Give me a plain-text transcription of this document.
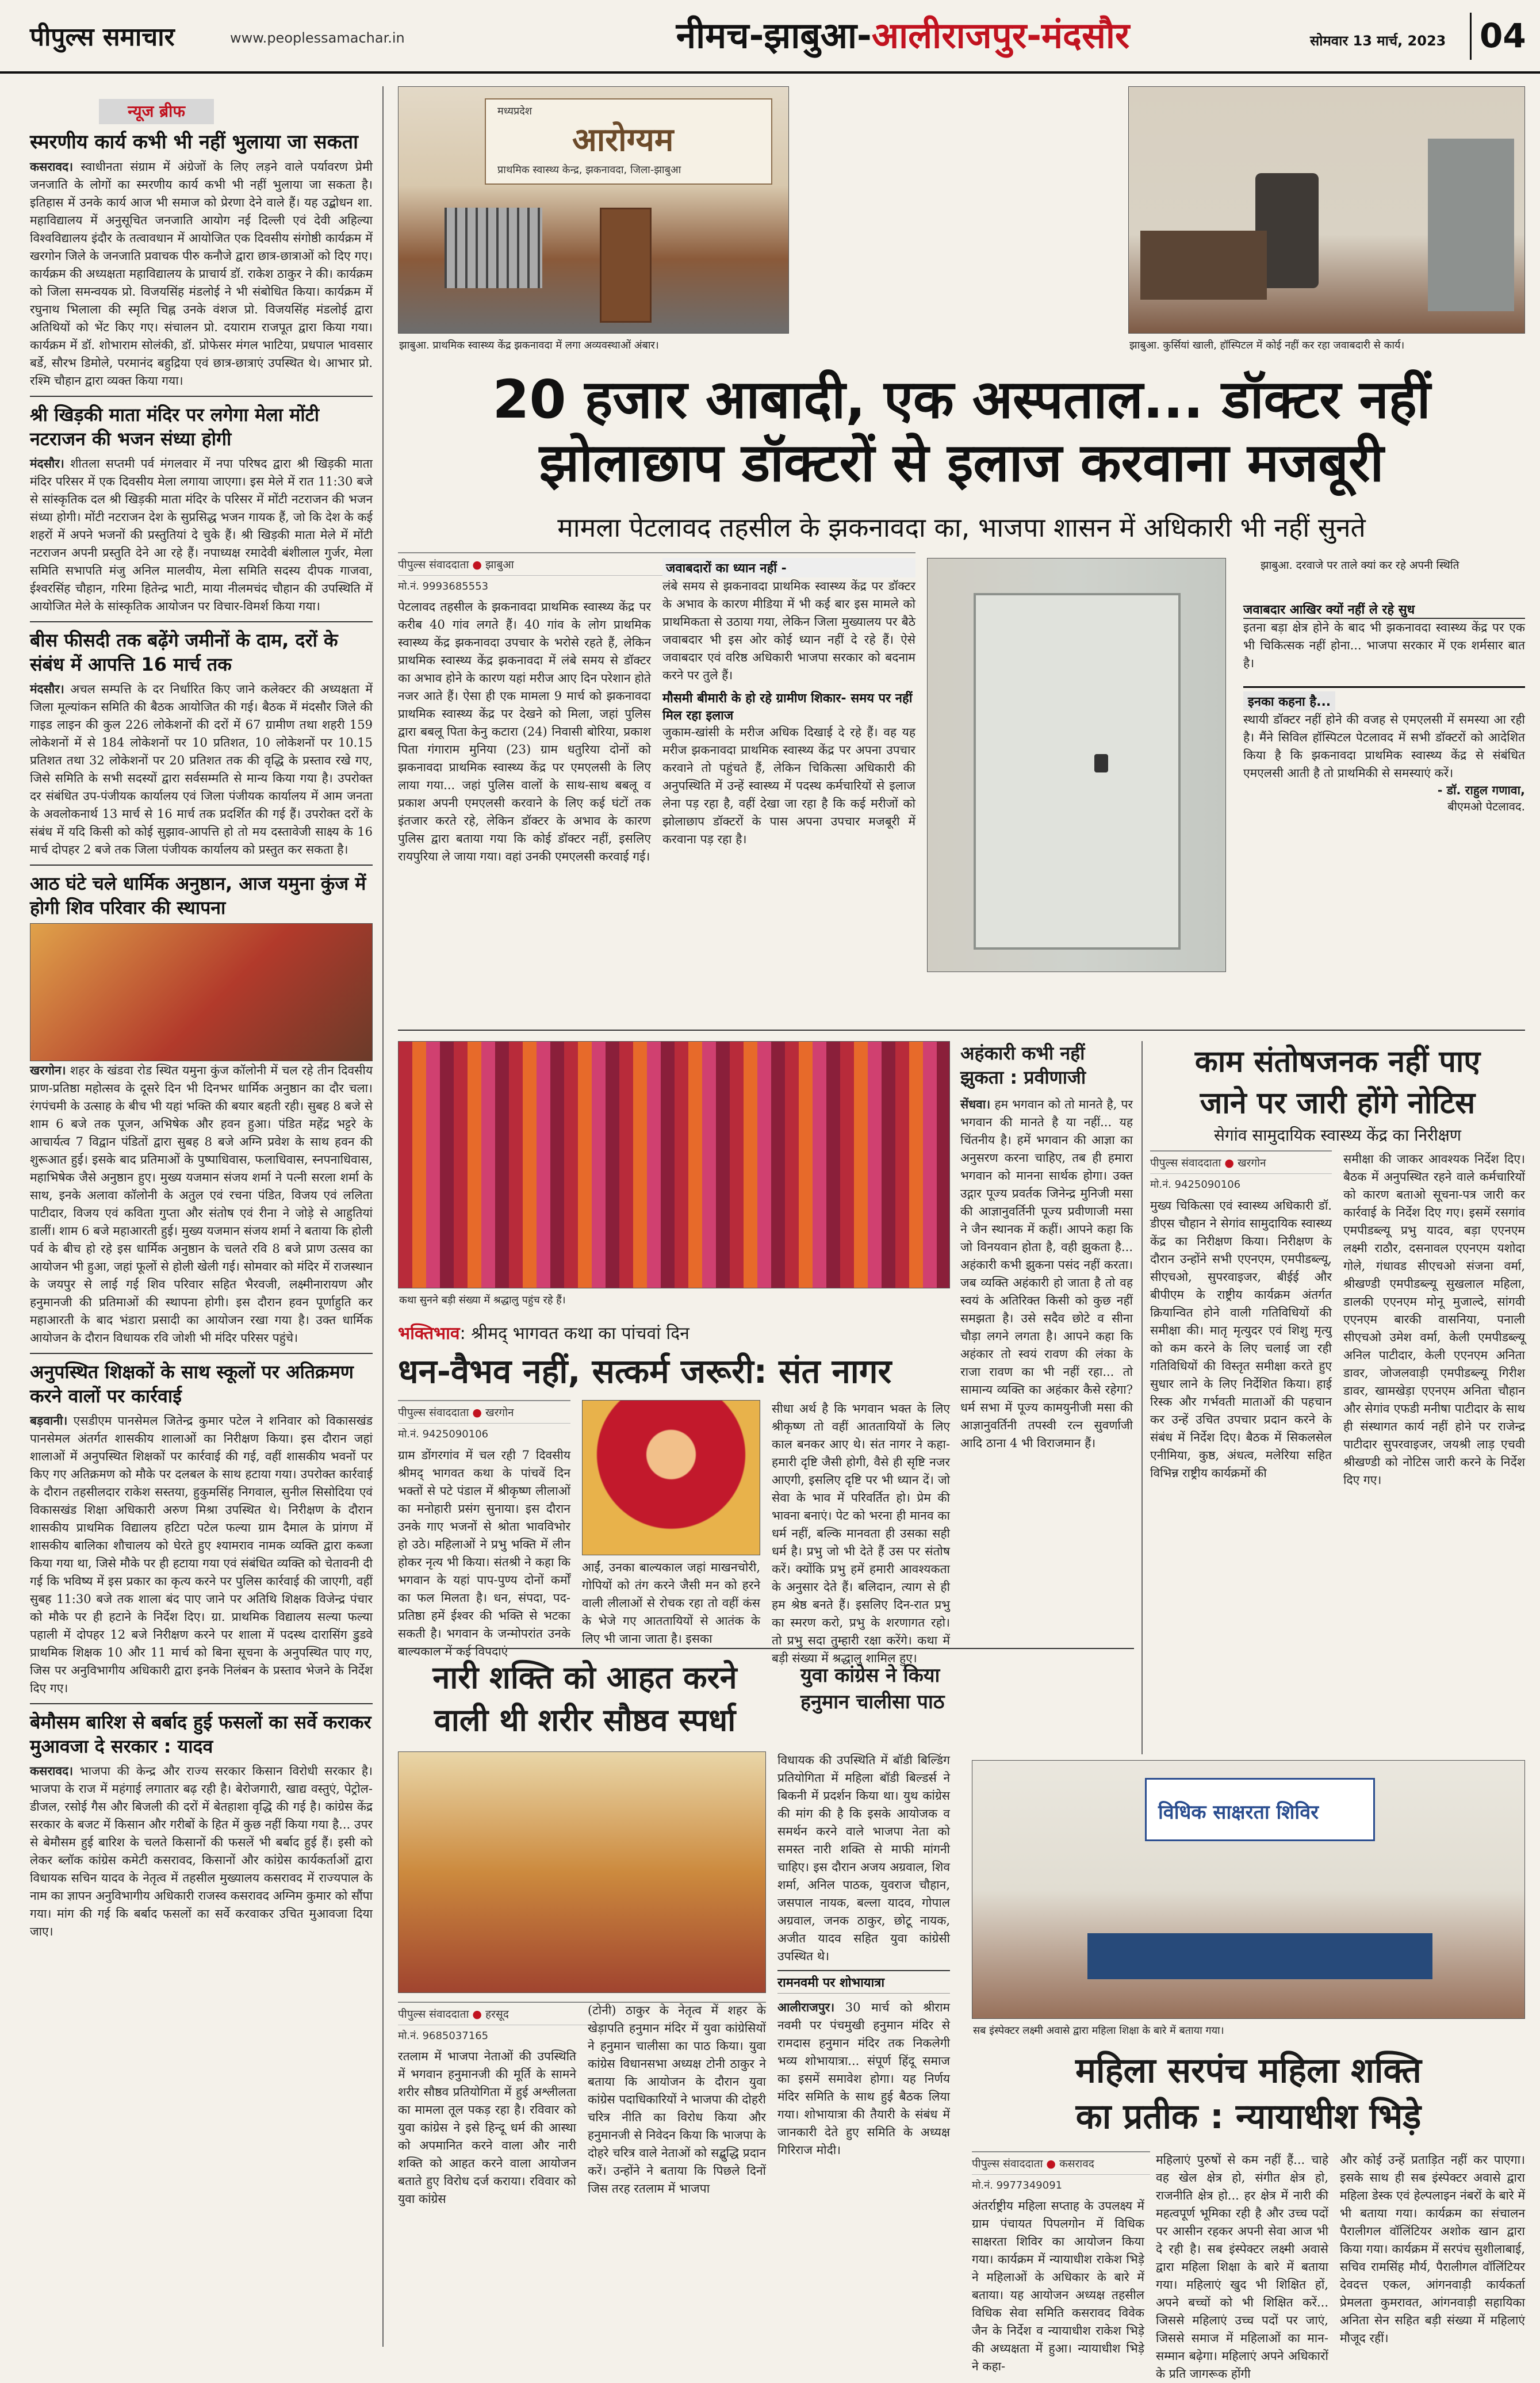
पीपुल्स समाचार	www.peoplessamachar.in	नीमच-झाबुआ-आलीराजपुर-मंदसौर	सोमवार 13 मार्च, 2023 04
न्यूज ब्रीफ
स्मरणीय कार्य कभी भी नहीं भुलाया जा सकता

कसरावद। स्वाधीनता संग्राम में अंग्रेजों के लिए लड़ने वाले पर्यावरण प्रेमी जनजाति के लोगों का स्मरणीय कार्य कभी भी नहीं भुलाया जा सकता है। इतिहास में उनके कार्य आज भी समाज को प्रेरणा देने वाले हैं। यह उद्बोधन शा. महाविद्यालय में अनुसूचित जनजाति आयोग नई दिल्ली एवं देवी अहिल्या विश्वविद्यालय इंदौर के तत्वावधान में आयोजित एक दिवसीय संगोष्ठी कार्यक्रम में खरगोन जिले के जनजाति प्रवाचक पीरु कनौजे द्वारा छात्र-छात्राओं को दिए गए। कार्यक्रम की अध्यक्षता महाविद्यालय के प्राचार्य डॉ. राकेश ठाकुर ने की। कार्यक्रम को जिला समन्वयक प्रो. विजयसिंह मंडलोई ने भी संबोधित किया। कार्यक्रम में रघुनाथ भिलाला की स्मृति चिह्न उनके वंशज प्रो. विजयसिंह मंडलोई द्वारा अतिथियों को भेंट किए गए। संचालन प्रो. दयाराम राजपूत द्वारा किया गया। कार्यक्रम में डॉ. शोभाराम सोलंकी, डॉ. प्रोफेसर मंगल भाटिया, प्रधपाल भावसार बर्डे, सौरभ डिमोले, परमानंद बहुद्रिया एवं छात्र-छात्राएं उपस्थित थे। आभार प्रो. रश्मि चौहान द्वारा व्यक्त किया गया।

श्री खिड़की माता मंदिर पर लगेगा मेला मोंटी नटराजन की भजन संध्या होगी

मंदसौर। शीतला सप्तमी पर्व मंगलवार में नपा परिषद द्वारा श्री खिड़की माता मंदिर परिसर में एक दिवसीय मेला लगाया जाएगा। इस मेले में रात 11:30 बजे से सांस्कृतिक दल श्री खिड़की माता मंदिर के परिसर में मोंटी नटराजन की भजन संध्या होगी। मोंटी नटराजन देश के सुप्रसिद्ध भजन गायक हैं, जो कि देश के कई शहरों में अपने भजनों की प्रस्तुतियां दे चुके हैं। श्री खिड़की माता मेले में मोंटी नटराजन अपनी प्रस्तुति देने आ रहे हैं। नपाध्यक्ष रमादेवी बंशीलाल गुर्जर, मेला समिति सभापति मंजु अनिल मालवीय, मेला समिति सदस्य दीपक गाजवा, ईश्वरसिंह चौहान, गरिमा हितेन्द्र भाटी, माया नीलमचंद चौहान की उपस्थिति में आयोजित मेले के सांस्कृतिक आयोजन पर विचार-विमर्श किया गया।

बीस फीसदी तक बढ़ेंगे जमीनों के दाम, दरों के संबंध में आपत्ति 16 मार्च तक

मंदसौर। अचल सम्पत्ति के दर निर्धारित किए जाने कलेक्टर की अध्यक्षता में जिला मूल्यांकन समिति की बैठक आयोजित की गई। बैठक में मंदसौर जिले की गाइड लाइन की कुल 226 लोकेशनों की दरों में 67 ग्रामीण तथा शहरी 159 लोकेशनों में से 184 लोकेशनों पर 10 प्रतिशत, 10 लोकेशनों पर 10.15 प्रतिशत तथा 32 लोकेशनों पर 20 प्रतिशत तक की वृद्धि के प्रस्ताव रखे गए, जिसे समिति के सभी सदस्यों द्वारा सर्वसम्मति से मान्य किया गया है। उपरोक्त दर संबंधित उप-पंजीयक कार्यालय एवं जिला पंजीयक कार्यालय में आम जनता के अवलोकनार्थ 13 मार्च से 16 मार्च तक प्रदर्शित की गई हैं। उपरोक्त दरों के संबंध में यदि किसी को कोई सुझाव-आपत्ति हो तो मय दस्तावेजी साक्ष्य के 16 मार्च दोपहर 2 बजे तक जिला पंजीयक कार्यालय को प्रस्तुत कर सकता है।

आठ घंटे चले धार्मिक अनुष्ठान, आज यमुना कुंज में होगी शिव परिवार की स्थापना

खरगोन। शहर के खंडवा रोड स्थित यमुना कुंज कॉलोनी में चल रहे तीन दिवसीय प्राण-प्रतिष्ठा महोत्सव के दूसरे दिन भी दिनभर धार्मिक अनुष्ठान का दौर चला। रंगपंचमी के उत्साह के बीच भी यहां भक्ति की बयार बहती रही। सुबह 8 बजे से शाम 6 बजे तक पूजन, अभिषेक और हवन हुआ। पंडित महेंद्र भट्टरे के आचार्यत्व 7 विद्वान पंडितों द्वारा सुबह 8 बजे अग्नि प्रवेश के साथ हवन की शुरूआत हुई। इसके बाद प्रतिमाओं के पुष्पाधिवास, फलाधिवास, स्नपनाधिवास, महाभिषेक जैसे अनुष्ठान हुए। मुख्य यजमान संजय शर्मा ने पत्नी सरला शर्मा के साथ, इनके अलावा कॉलोनी के अतुल एवं रचना पंडित, विजय एवं ललिता पाटीदार, विजय एवं कविता गुप्ता और संतोष एवं रीना ने जोड़े से आहुतियां डालीं। शाम 6 बजे महाआरती हुई। मुख्य यजमान संजय शर्मा ने बताया कि होली पर्व के बीच हो रहे इस धार्मिक अनुष्ठान के चलते रवि 8 बजे प्राण उत्सव का आयोजन भी हुआ, जहां फूलों से होली खेली गई। सोमवार को मंदिर में राजस्थान के जयपुर से लाई गई शिव परिवार सहित भैरवजी, लक्ष्मीनारायण और हनुमानजी की प्रतिमाओं की स्थापना होगी। इस दौरान हवन पूर्णाहुति कर महाआरती के बाद भंडारा प्रसादी का आयोजन रखा गया है। उक्त धार्मिक आयोजन के दौरान विधायक रवि जोशी भी मंदिर परिसर पहुंचे।

अनुपस्थित शिक्षकों के साथ स्कूलों पर अतिक्रमण करने वालों पर कार्रवाई

बड़वानी। एसडीएम पानसेमल जितेन्द्र कुमार पटेल ने शनिवार को विकासखंड पानसेमल अंतर्गत शासकीय शालाओं का निरीक्षण किया। इस दौरान जहां शालाओं में अनुपस्थित शिक्षकों पर कार्रवाई की गई, वहीं शासकीय भवनों पर किए गए अतिक्रमण को मौके पर दलबल के साथ हटाया गया। उपरोक्त कार्रवाई के दौरान तहसीलदार राकेश सस्तया, हुकुमसिंह निगवाल, सुनील सिसोदिया एवं विकासखंड शिक्षा अधिकारी अरुण मिश्रा उपस्थित थे। निरीक्षण के दौरान शासकीय प्राथमिक विद्यालय हटिटा पटेल फल्या ग्राम दैमाल के प्रांगण में शासकीय बालिका शौचालय को घेरते हुए श्यामराव नामक व्यक्ति द्वारा कब्जा किया गया था, जिसे मौके पर ही हटाया गया एवं संबंधित व्यक्ति को चेतावनी दी गई कि भविष्य में इस प्रकार का कृत्य करने पर पुलिस कार्रवाई की जाएगी, वहीं सुबह 11:30 बजे तक शाला बंद पाए जाने पर अतिथि शिक्षक विजेन्द्र पंचार को मौके पर ही हटाने के निर्देश दिए। ग्रा. प्राथमिक विद्यालय सल्या फल्या पहाली में दोपहर 12 बजे निरीक्षण करने पर शाला में पदस्थ दारासिंग डुडवे प्राथमिक शिक्षक 10 और 11 मार्च को बिना सूचना के अनुपस्थित पाए गए, जिस पर अनुविभागीय अधिकारी द्वारा इनके निलंबन के प्रस्ताव भेजने के निर्देश दिए गए।

बेमौसम बारिश से बर्बाद हुई फसलों का सर्वे कराकर मुआवजा दे सरकार : यादव

कसरावद। भाजपा की केन्द्र और राज्य सरकार किसान विरोधी सरकार है। भाजपा के राज में महंगाई लगातार बढ़ रही है। बेरोजगारी, खाद्य वस्तुएं, पेट्रोल-डीजल, रसोई गैस और बिजली की दरों में बेतहाशा वृद्धि की गई है। कांग्रेस केंद्र सरकार के बजट में किसान और गरीबों के हित में कुछ नहीं किया गया है... उपर से बेमौसम हुई बारिश के चलते किसानों की फसलें भी बर्बाद हुई हैं। इसी को लेकर ब्लॉक कांग्रेस कमेटी कसरावद, किसानों और कांग्रेस कार्यकर्ताओं द्वारा विधायक सचिन यादव के नेतृत्व में तहसील मुख्यालय कसरावद में राज्यपाल के नाम का ज्ञापन अनुविभागीय अधिकारी राजस्व कसरावद अग्निम कुमार को सौंपा गया। मांग की गई कि बर्बाद फसलों का सर्वे करवाकर उचित मुआवजा दिया जाए।

मध्यप्रदेश
आरोग्यम
प्राथमिक स्वास्थ्य केन्द्र, झकनावदा, जिला-झाबुआ
झाबुआ. प्राथमिक स्वास्थ्य केंद्र झकनावदा में लगा अव्यवस्थाओं अंबार।	झाबुआ. कुर्सियां खाली, हॉस्पिटल में कोई नहीं कर रहा जवाबदारी से कार्य।
20 हजार आबादी, एक अस्पताल... डॉक्टर नहीं
झोलाछाप डॉक्टरों से इलाज करवाना मजबूरी
मामला पेटलावद तहसील के झकनावदा का, भाजपा शासन में अधिकारी भी नहीं सुनते
पीपुल्स संवाददाता ● झाबुआ
मो.नं. 9993685553
पेटलावद तहसील के झकनावदा प्राथमिक स्वास्थ्य केंद्र पर करीब 40 गांव लगते हैं। 40 गांव के लोग प्राथमिक स्वास्थ्य केंद्र झकनावदा उपचार के भरोसे रहते हैं, लेकिन प्राथमिक स्वास्थ्य केंद्र झकनावदा में लंबे समय से डॉक्टर का अभाव होने के कारण यहां मरीज आए दिन परेशान होते नजर आते हैं। ऐसा ही एक मामला 9 मार्च को झकनावदा प्राथमिक स्वास्थ्य केंद्र पर देखने को मिला, जहां पुलिस द्वारा बबलू पिता केनु कटारा (24) निवासी बोरिया, प्रकाश पिता गंगाराम मुनिया (23) ग्राम धतुरिया दोनों को झकनावदा प्राथमिक स्वास्थ्य केंद्र पर एमएलसी के लिए लाया गया... जहां पुलिस वालों के साथ-साथ बबलू व प्रकाश अपनी एमएलसी करवाने के लिए कई घंटों तक इंतजार करते रहे, लेकिन डॉक्टर के अभाव के कारण पुलिस द्वारा बताया गया कि कोई डॉक्टर नहीं, इसलिए रायपुरिया ले जाया गया। वहां उनकी एमएलसी करवाई गई।
जवाबदारों का ध्यान नहीं -

लंबे समय से झकनावदा प्राथमिक स्वास्थ्य केंद्र पर डॉक्टर के अभाव के कारण मीडिया में भी कई बार इस मामले को प्राथमिकता से उठाया गया, लेकिन जिला मुख्यालय पर बैठे जवाबदार भी इस ओर कोई ध्यान नहीं दे रहे हैं। ऐसे जवाबदार एवं वरिष्ठ अधिकारी भाजपा सरकार को बदनाम करने पर तुले हैं।

मौसमी बीमारी के हो रहे ग्रामीण शिकार- समय पर नहीं मिल रहा इलाज

जुकाम-खांसी के मरीज अधिक दिखाई दे रहे हैं। वह यह मरीज झकनावदा प्राथमिक स्वास्थ्य केंद्र पर अपना उपचार करवाने तो पहुंचते हैं, लेकिन चिकित्सा अधिकारी की अनुपस्थिति में उन्हें स्वास्थ्य में पदस्थ कर्मचारियों से इलाज लेना पड़ रहा है, वहीं देखा जा रहा है कि कई मरीजों को झोलाछाप डॉक्टरों के पास अपना उपचार मजबूरी में करवाना पड़ रहा है।

झाबुआ. दरवाजे पर ताले क्यां कर रहे अपनी स्थिति
जवाबदार आखिर क्यों नहीं ले रहे सुध

इतना बड़ा क्षेत्र होने के बाद भी झकनावदा स्वास्थ्य केंद्र पर एक भी चिकित्सक नहीं होना... भाजपा सरकार में एक शर्मसार बात है।

इनका कहना है...

स्थायी डॉक्टर नहीं होने की वजह से एमएलसी में समस्या आ रही है। मैंने सिविल हॉस्पिटल पेटलावद में सभी डॉक्टरों को आदेशित किया है कि झकनावदा प्राथमिक स्वास्थ्य केंद्र से संबंधित एमएलसी आती है तो प्राथमिकी से समस्याएं करें।

- डॉ. राहुल गणावा,
बीएमओ पेटलावद.
कथा सुनने बड़ी संख्या में श्रद्धालु पहुंच रहे हैं।
भक्तिभाव: श्रीमद् भागवत कथा का पांचवां दिन
धन-वैभव नहीं, सत्कर्म जरूरी: संत नागर
पीपुल्स संवाददाता ● खरगोन
मो.नं. 9425090106
ग्राम डोंगरगांव में चल रही 7 दिवसीय श्रीमद् भागवत कथा के पांचवें दिन भक्तों से पटे पंडाल में श्रीकृष्ण लीलाओं का मनोहारी प्रसंग सुनाया। इस दौरान उनके गाए भजनों से श्रोता भावविभोर हो उठे। महिलाओं ने प्रभु भक्ति में लीन होकर नृत्य भी किया। संतश्री ने कहा कि भगवान के यहां पाप-पुण्य दोनों कर्मों का फल मिलता है। धन, संपदा, पद-प्रतिष्ठा हमें ईश्वर की भक्ति से भटका सकती है। भगवान के जन्मोपरांत उनके बाल्यकाल में कई विपदाएं
आईं, उनका बाल्यकाल जहां माखनचोरी, गोपियों को तंग करने जैसी मन को हरने वाली लीलाओं से रोचक रहा तो वहीं कंस के भेजे गए आततायियों से आतंक के लिए भी जाना जाता है। इसका
सीधा अर्थ है कि भगवान भक्त के लिए श्रीकृष्ण तो वहीं आततायियों के लिए काल बनकर आए थे। संत नागर ने कहा- हमारी दृष्टि जैसी होगी, वैसे ही सृष्टि नजर आएगी, इसलिए दृष्टि पर भी ध्यान दें। जो सेवा के भाव में परिवर्तित हो। प्रेम की भावना बनाएं। पेट को भरना ही मानव का धर्म नहीं, बल्कि मानवता ही उसका सही धर्म है। प्रभु जो भी देते हैं उस पर संतोष करें। क्योंकि प्रभु हमें हमारी आवश्यकता के अनुसार देते हैं। बलिदान, त्याग से ही हम श्रेष्ठ बनते हैं। इसलिए दिन-रात प्रभु का स्मरण करो, प्रभु के शरणागत रहो। तो प्रभु सदा तुम्हारी रक्षा करेंगे। कथा में बड़ी संख्या में श्रद्धालु शामिल हुए।
अहंकारी कभी नहीं झुकता : प्रवीणाजी

सेंधवा। हम भगवान को तो मानते है, पर भगवान की मानते है या नहीं... यह चिंतनीय है। हमें भगवान की आज्ञा का अनुसरण करना चाहिए, तब ही हमारा भगवान को मानना सार्थक होगा। उक्त उद्गार पूज्य प्रवर्तक जिनेन्द्र मुनिजी मसा की आज्ञानुवर्तिनी पूज्य प्रवीणाजी मसा ने जैन स्थानक में कहीं। आपने कहा कि जो विनयवान होता है, वही झुकता है... अहंकारी कभी झुकना पसंद नहीं करता। जब व्यक्ति अहंकारी हो जाता है तो वह स्वयं के अतिरिक्त किसी को कुछ नहीं समझता है। उसे सदैव छोटे व सीना चौड़ा लगने लगता है। आपने कहा कि अहंकार तो स्वयं रावण की लंका के राजा रावण का भी नहीं रहा... तो सामान्य व्यक्ति का अहंकार कैसे रहेगा? धर्म सभा में पूज्य कामयुनीजी मसा की आज्ञानुवर्तिनी तपस्वी रत्न सुवर्णाजी आदि ठाना 4 भी विराजमान हैं।

काम संतोषजनक नहीं पाए
जाने पर जारी होंगे नोटिस
सेगांव सामुदायिक स्वास्थ्य केंद्र का निरीक्षण
पीपुल्स संवाददाता ● खरगोन
मो.नं. 9425090106

मुख्य चिकित्सा एवं स्वास्थ्य अधिकारी डॉ. डीएस चौहान ने सेगांव सामुदायिक स्वास्थ्य केंद्र का निरीक्षण किया। निरीक्षण के दौरान उन्होंने सभी एएनएम, एमपीडब्ल्यू, सीएचओ, सुपरवाइजर, बीईई और बीपीएम के राष्ट्रीय कार्यक्रम अंतर्गत क्रियान्वित होने वाली गतिविधियों की समीक्षा की। मातृ मृत्युदर एवं शिशु मृत्यु को कम करने के लिए चलाई जा रही गतिविधियों की विस्तृत समीक्षा करते हुए सुधार लाने के लिए निर्देशित किया। हाई रिस्क और गर्भवती माताओं की पहचान कर उन्हें उचित उपचार प्रदान करने के संबंध में निर्देश दिए। बैठक में सिकलसेल एनीमिया, कुष्ठ, अंधत्व, मलेरिया सहित विभिन्न राष्ट्रीय कार्यक्रमों की

समीक्षा की जाकर आवश्यक निर्देश दिए। बैठक में अनुपस्थित रहने वाले कर्मचारियों को कारण बताओ सूचना-पत्र जारी कर कार्रवाई के निर्देश दिए गए। इसमें रसगांव एमपीडब्ल्यू प्रभु यादव, बड़ा एएनएम लक्ष्मी राठौर, दसनावल एएनएम यशोदा गोले, गंधावड सीएचओ संजना वर्मा, श्रीखण्डी एमपीडब्ल्यू सुखलाल महिला, डालकी एएनएम मोनू मुजाल्दे, सांगवी एएनएम बारकी वासनिया, पनाली सीएचओ उमेश वर्मा, केली एमपीडब्ल्यू अनिल पाटीदार, केली एएनएम अनिता डावर, जोजलवाड़ी एमपीडब्ल्यू गिरीश डावर, खामखेड़ा एएनएम अनिता चौहान और सेगांव एफडी मनीषा पाटीदार के साथ ही संस्थागत कार्य नहीं होने पर राजेन्द्र पाटीदार सुपरवाइजर, जयश्री लाड़ एचवी श्रीखण्डी को नोटिस जारी करने के निर्देश दिए गए।

नारी शक्ति को आहत करने
वाली थी शरीर सौष्ठव स्पर्धा
युवा कांग्रेस ने किया हनुमान चालीसा पाठ
पीपुल्स संवाददाता ● हरसूद
मो.नं. 9685037165
रतलाम में भाजपा नेताओं की उपस्थिति में भगवान हनुमानजी की मूर्ति के सामने शरीर सौष्ठव प्रतियोगिता में हुई अश्लीलता का मामला तूल पकड़ रहा है। रविवार को युवा कांग्रेस ने इसे हिन्दू धर्म की आस्था को अपमानित करने वाला और नारी शक्ति को आहत करने वाला आयोजन बताते हुए विरोध दर्ज कराया। रविवार को युवा कांग्रेस
(टोनी) ठाकुर के नेतृत्व में शहर के खेड़ापति हनुमान मंदिर में युवा कांग्रेसियों ने हनुमान चालीसा का पाठ किया। युवा कांग्रेस विधानसभा अध्यक्ष टोनी ठाकुर ने बताया कि आयोजन के दौरान युवा कांग्रेस पदाधिकारियों ने भाजपा की दोहरी चरित्र नीति का विरोध किया और हनुमानजी से निवेदन किया कि भाजपा के दोहरे चरित्र वाले नेताओं को सद्बुद्धि प्रदान करें। उन्होंने ने बताया कि पिछले दिनों जिस तरह रतलाम में भाजपा

विधायक की उपस्थिति में बॉडी बिल्डिंग प्रतियोगिता में महिला बॉडी बिल्डर्स ने बिकनी में प्रदर्शन किया था। युथ कांग्रेस की मांग की है कि इसके आयोजक व समर्थन करने वाले भाजपा नेता को समस्त नारी शक्ति से माफी मांगनी चाहिए। इस दौरान अजय अग्रवाल, शिव शर्मा, अनिल पाठक, युवराज चौहान, जसपाल नायक, बल्ला यादव, गोपाल अग्रवाल, जनक ठाकुर, छोटू नायक, अजीत यादव सहित युवा कांग्रेसी उपस्थित थे।

रामनवमी पर शोभायात्रा

आलीराजपुर। 30 मार्च को श्रीराम नवमी पर पंचमुखी हनुमान मंदिर से रामदास हनुमान मंदिर तक निकलेगी भव्य शोभायात्रा... संपूर्ण हिंदू समाज का इसमें समावेश होगा। यह निर्णय मंदिर समिति के साथ हुई बैठक लिया गया। शोभायात्रा की तैयारी के संबंध में जानकारी देते हुए समिति के अध्यक्ष गिरिराज मोदी।

विधिक साक्षरता शिविर
सब इंस्पेक्टर लक्ष्मी अवासे द्वारा महिला शिक्षा के बारे में बताया गया।
महिला सरपंच महिला शक्ति
का प्रतीक : न्यायाधीश भिड़े
पीपुल्स संवाददाता ● कसरावद
मो.नं. 9977349091
अंतर्राष्ट्रीय महिला सप्ताह के उपलक्ष्य में ग्राम पंचायत पिपलगोन में विधिक साक्षरता शिविर का आयोजन किया गया। कार्यक्रम में न्यायाधीश राकेश भिड़े ने महिलाओं के अधिकार के बारे में बताया। यह आयोजन अध्यक्ष तहसील विधिक सेवा समिति कसरावद विवेक जैन के निर्देश व न्यायाधीश राकेश भिड़े की अध्यक्षता में हुआ। न्यायाधीश भिड़े ने कहा-
महिलाएं पुरुषों से कम नहीं हैं... चाहे वह खेल क्षेत्र हो, संगीत क्षेत्र हो, राजनीति क्षेत्र हो... हर क्षेत्र में नारी की महत्वपूर्ण भूमिका रही है और उच्च पदों पर आसीन रहकर अपनी सेवा आज भी दे रही है। सब इंस्पेक्टर लक्ष्मी अवासे द्वारा महिला शिक्षा के बारे में बताया गया। महिलाएं खुद भी शिक्षित हों, अपने बच्चों को भी शिक्षित करें... जिससे महिलाएं उच्च पदों पर जाएं, जिससे समाज में महिलाओं का मान-सम्मान बढ़ेगा। महिलाएं अपने अधिकारों के प्रति जागरूक होंगी
और कोई उन्हें प्रताड़ित नहीं कर पाएगा। इसके साथ ही सब इंस्पेक्टर अवासे द्वारा महिला डेस्क एवं हेल्पलाइन नंबरों के बारे में भी बताया गया। कार्यक्रम का संचालन पैरालीगल वॉलिंटियर अशोक खान द्वारा किया गया। कार्यक्रम में सरपंच सुशीलाबाई, सचिव रामसिंह मौर्य, पैरालीगल वॉलिंटियर देवदत्त एकल, आंगनवाड़ी कार्यकर्ता प्रेमलता कुमरावत, आंगनवाड़ी सहायिका अनिता सेन सहित बड़ी संख्या में महिलाएं मौजूद रहीं।
